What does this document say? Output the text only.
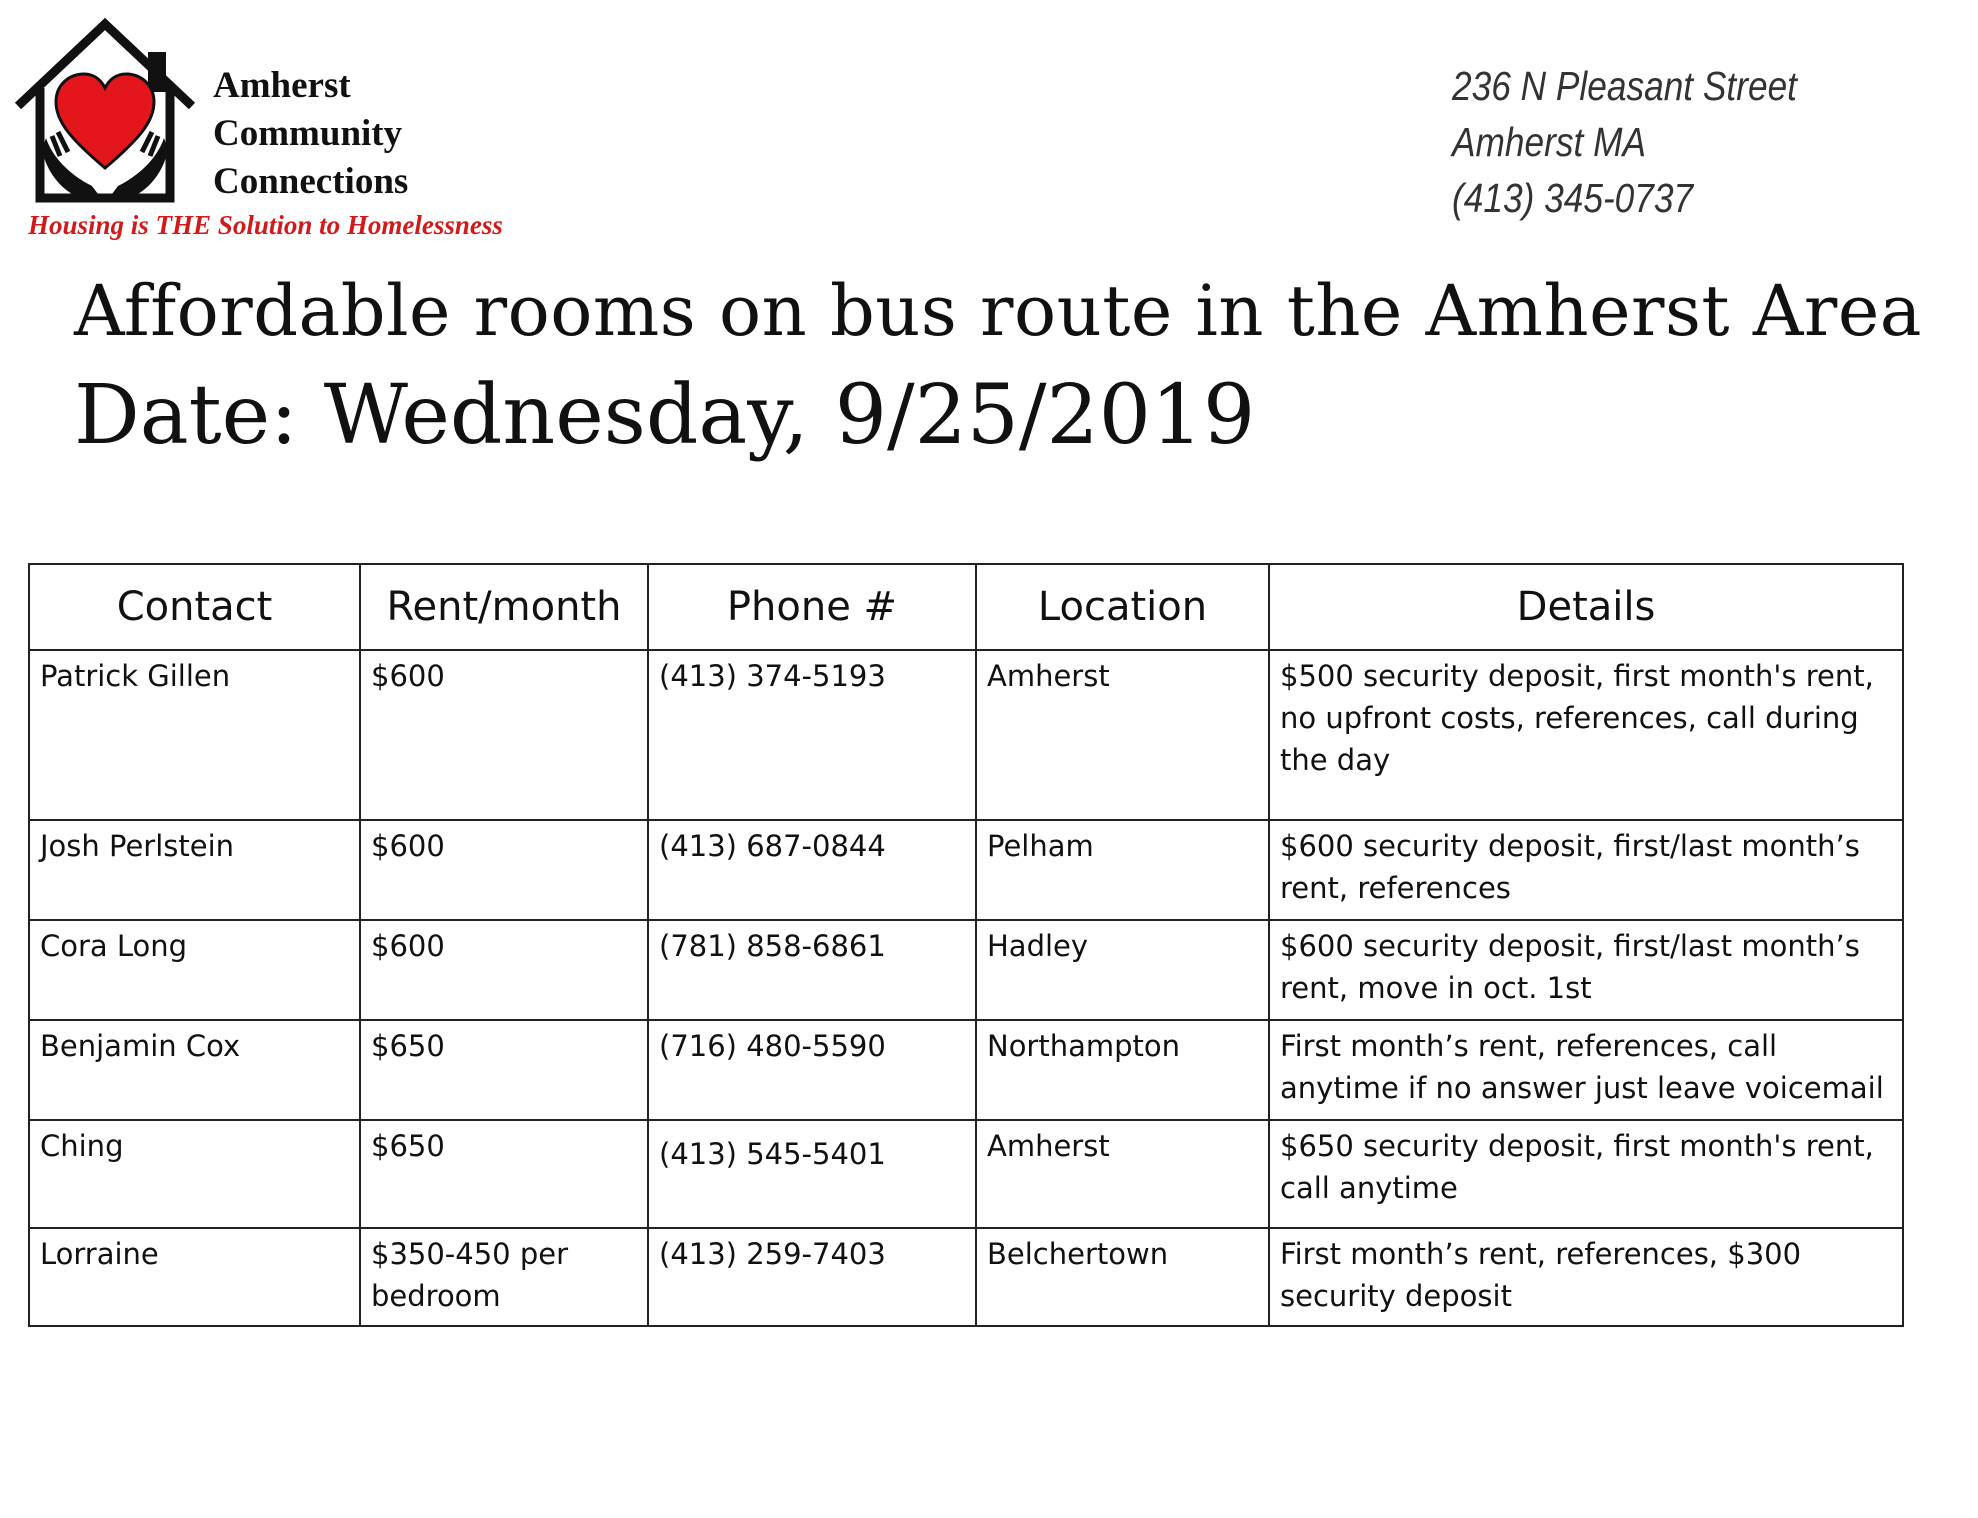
Amherst
Community
Connections
Housing is THE Solution to Homelessness
236 N Pleasant Street
Amherst MA
(413) 345-0737
Affordable rooms on bus route in the Amherst Area
Date: Wednesday, 9/25/2019
Contact	Rent/month	Phone #	Location	Details
Patrick Gillen	$600	(413) 374-5193	Amherst	$500 security deposit, first month's rent, no upfront costs, references, call during the day
Josh Perlstein	$600	(413) 687-0844	Pelham	$600 security deposit, first/last month’s rent, references
Cora Long	$600	(781) 858-6861	Hadley	$600 security deposit, first/last month’s rent, move in oct. 1st
Benjamin Cox	$650	(716) 480-5590	Northampton	First month’s rent, references, call anytime if no answer just leave voicemail
Ching	$650	(413) 545-5401	Amherst	$650 security deposit, first month's rent, call anytime
Lorraine	$350-450 per bedroom	(413) 259-7403	Belchertown	First month’s rent, references, $300 security deposit
